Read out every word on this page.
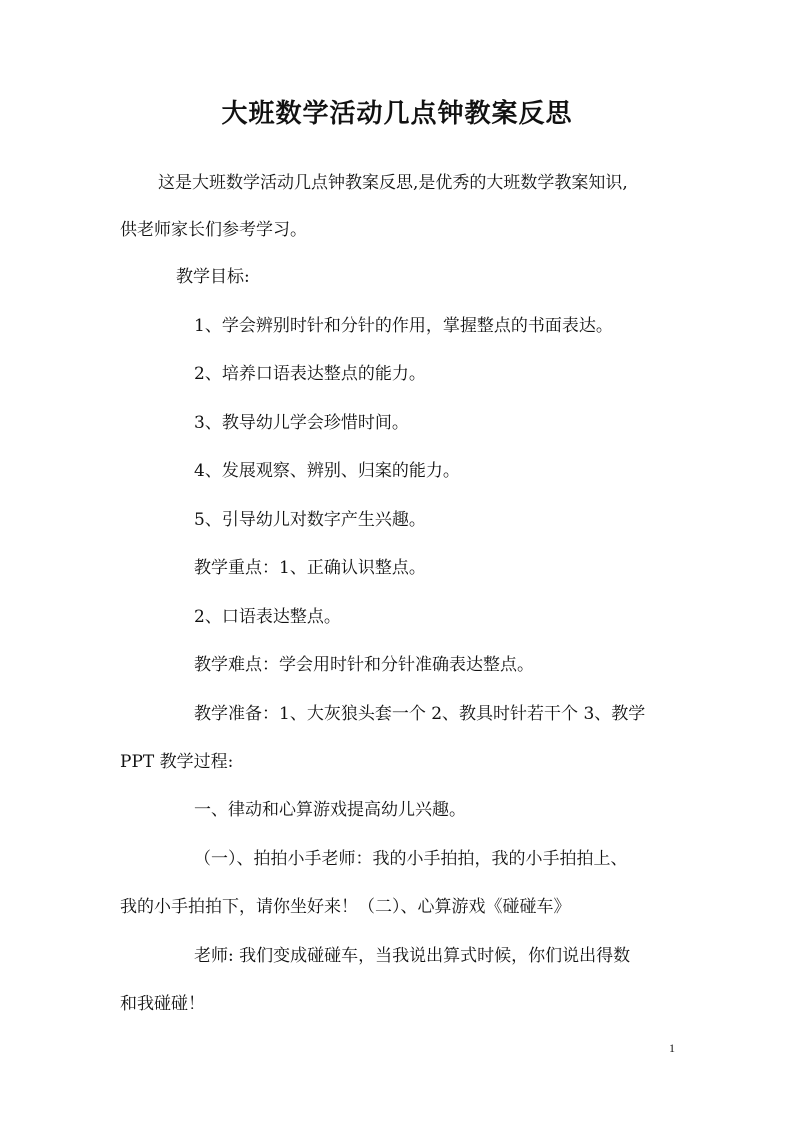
大班数学活动几点钟教案反思
这是大班数学活动几点钟教案反思,是优秀的大班数学教案知识,
供老师家长们参考学习。
教学目标:
1、学会辨别时针和分针的作用，掌握整点的书面表达。
2、培养口语表达整点的能力。
3、教导幼儿学会珍惜时间。
4、发展观察、辨别、归案的能力。
5、引导幼儿对数字产生兴趣。
教学重点：1、正确认识整点。
2、口语表达整点。
教学难点：学会用时针和分针准确表达整点。
教学准备：1、大灰狼头套一个 2、教具时针若干个 3、教学
PPT 教学过程:
一、律动和心算游戏提高幼儿兴趣。
（一）、拍拍小手老师：我的小手拍拍，我的小手拍拍上、
我的小手拍拍下，请你坐好来！（二）、心算游戏《碰碰车》
老师: 我们变成碰碰车，当我说出算式时候，你们说出得数
和我碰碰！
1
